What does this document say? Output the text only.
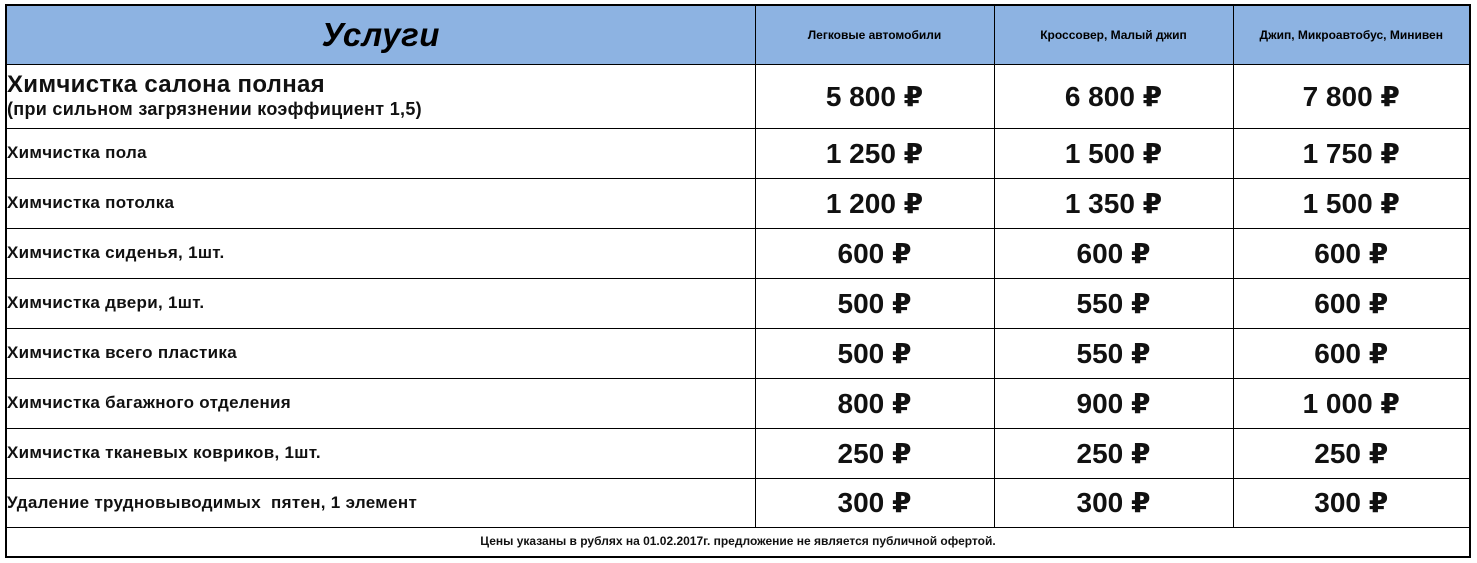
Услуги	Легковые автомобили	Кроссовер, Малый джип	Джип, Микроавтобус, Минивен

Химчистка салона полная
(при сильном загрязнении коэффициент 1,5)	5 800 ₽	6 800 ₽	7 800 ₽
Химчистка пола	1 250 ₽	1 500 ₽	1 750 ₽
Химчистка потолка	1 200 ₽	1 350 ₽	1 500 ₽
Химчистка сиденья, 1шт.	600 ₽	600 ₽	600 ₽
Химчистка двери, 1шт.	500 ₽	550 ₽	600 ₽
Химчистка всего пластика	500 ₽	550 ₽	600 ₽
Химчистка багажного отделения	800 ₽	900 ₽	1 000 ₽
Химчистка тканевых ковриков, 1шт.	250 ₽	250 ₽	250 ₽
Удаление трудновыводимых  пятен, 1 элемент	300 ₽	300 ₽	300 ₽
Цены указаны в рублях на 01.02.2017г. предложение не является публичной офертой.			
